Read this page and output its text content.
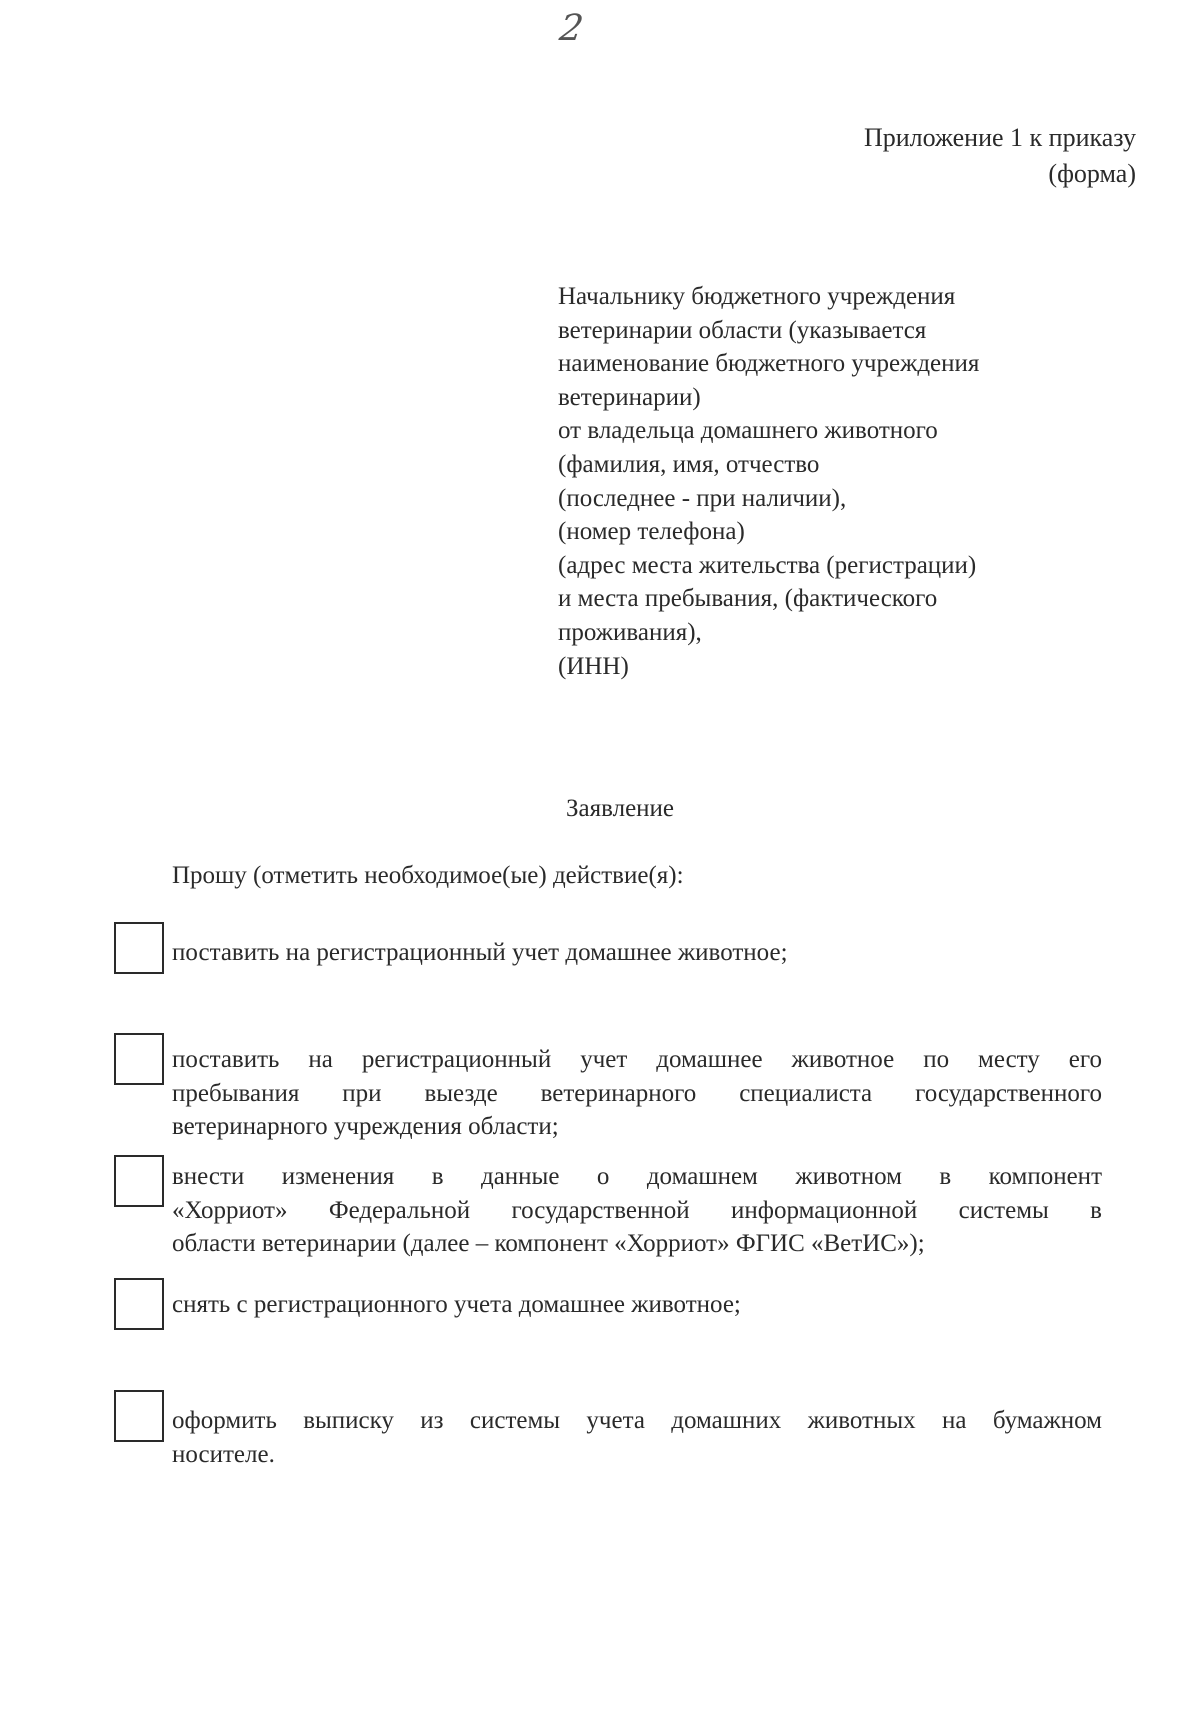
2
Приложение 1 к приказу
(форма)
Начальнику бюджетного учреждения
ветеринарии области (указывается
наименование бюджетного учреждения
ветеринарии)
от владельца домашнего животного
(фамилия, имя, отчество
(последнее - при наличии),
(номер телефона)
(адрес места жительства (регистрации)
и места пребывания, (фактического
проживания),
(ИНН)
Заявление
Прошу (отметить необходимое(ые) действие(я):
поставить на регистрационный учет домашнее животное;
поставить на регистрационный учет домашнее животное по месту его
пребывания при выезде ветеринарного специалиста государственного
ветеринарного учреждения области;
внести изменения в данные о домашнем животном в компонент
«Хорриот» Федеральной государственной информационной системы в
области ветеринарии (далее – компонент «Хорриот» ФГИС «ВетИС»);
снять с регистрационного учета домашнее животное;
оформить выписку из системы учета домашних животных на бумажном
носителе.
